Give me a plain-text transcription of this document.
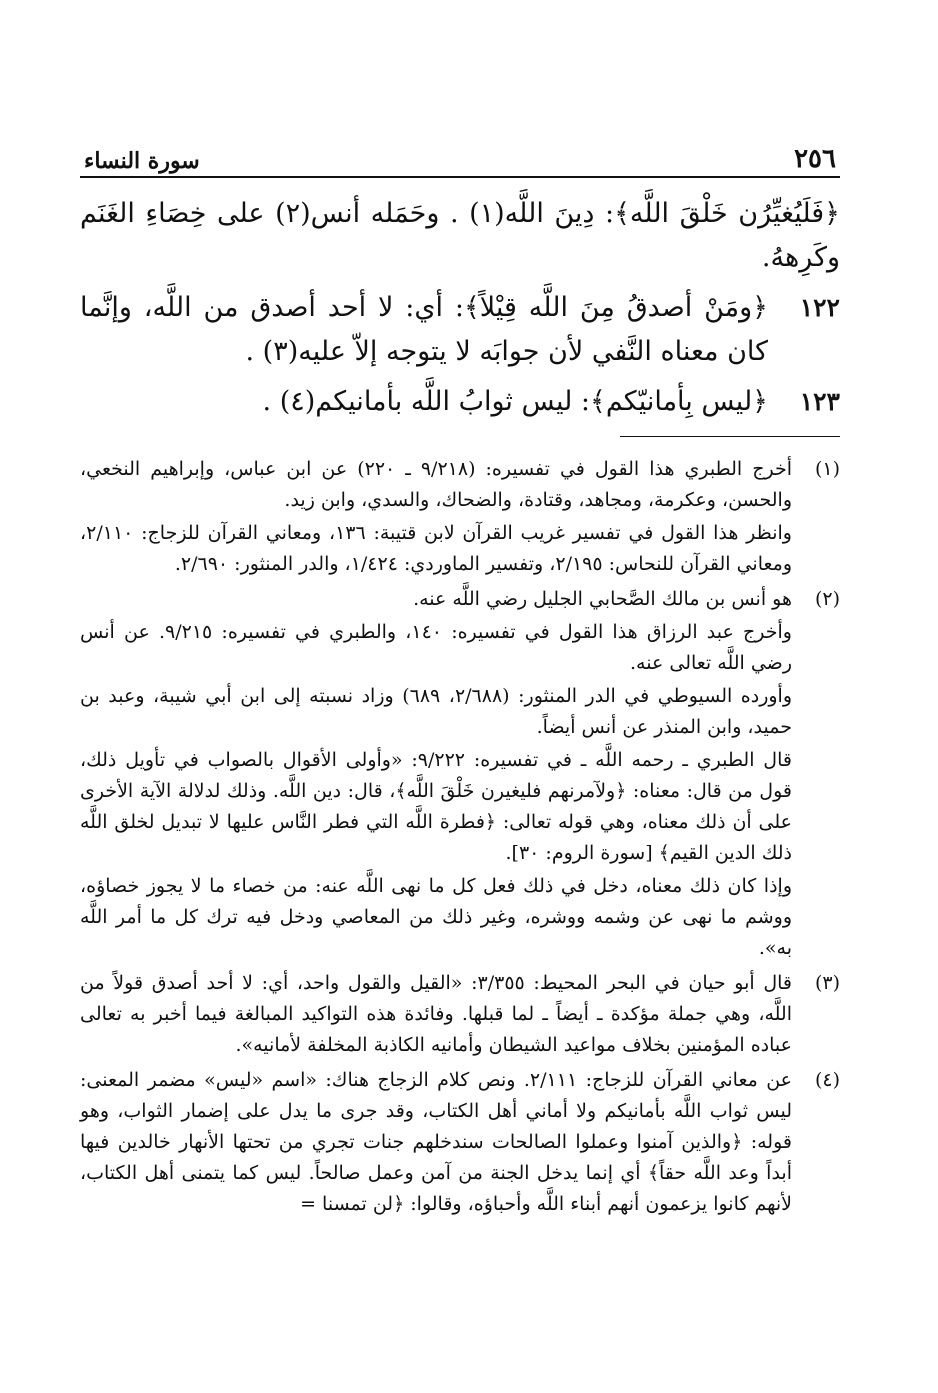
٢٥٦
سورة النساء
﴿فَلَيُغيِّرُن خَلْقَ اللَّه﴾: دِينَ اللَّه(١) . وحَمَله أنس(٢) على خِصَاءِ الغَنَم وكَرِههُ.
١٢٢
﴿ومَنْ أصدقُ مِنَ اللَّه قِيْلاً﴾: أي: لا أحد أصدق من اللَّه، وإنَّما كان معناه النَّفي لأن جوابَه لا يتوجه إلاّ عليه(٣) .
١٢٣
﴿ليس بِأمانيّكم﴾: ليس ثوابُ اللَّه بأمانيكم(٤) .
(١)

أخرج الطبري هذا القول في تفسيره: (٩/٢١٨ ـ ٢٢٠) عن ابن عباس، وإبراهيم النخعي، والحسن، وعكرمة، ومجاهد، وقتادة، والضحاك، والسدي، وابن زيد.

وانظر هذا القول في تفسير غريب القرآن لابن قتيبة: ١٣٦، ومعاني القرآن للزجاج: ٢/١١٠، ومعاني القرآن للنحاس: ٢/١٩٥، وتفسير الماوردي: ١/٤٢٤، والدر المنثور: ٢/٦٩٠.

(٢)

هو أنس بن مالك الصَّحابي الجليل رضي اللَّه عنه.

وأخرج عبد الرزاق هذا القول في تفسيره: ١٤٠، والطبري في تفسيره: ٩/٢١٥. عن أنس رضي اللَّه تعالى عنه.

وأورده السيوطي في الدر المنثور: (٢/٦٨٨، ٦٨٩) وزاد نسبته إلى ابن أبي شيبة، وعبد بن حميد، وابن المنذر عن أنس أيضاً.

قال الطبري ـ رحمه اللَّه ـ في تفسيره: ٩/٢٢٢: «وأولى الأقوال بالصواب في تأويل ذلك، قول من قال: معناه: ﴿ولآمرنهم فليغيرن خَلْقَ اللَّه﴾، قال: دين اللَّه. وذلك لدلالة الآية الأخرى على أن ذلك معناه، وهي قوله تعالى: ﴿فطرة اللَّه التي فطر النَّاس عليها لا تبديل لخلق اللَّه ذلك الدين القيم﴾ [سورة الروم: ٣٠].

وإذا كان ذلك معناه، دخل في ذلك فعل كل ما نهى اللَّه عنه: من خصاء ما لا يجوز خصاؤه، ووشم ما نهى عن وشمه ووشره، وغير ذلك من المعاصي ودخل فيه ترك كل ما أمر اللَّه به».

(٣)

قال أبو حيان في البحر المحيط: ٣/٣٥٥: «القيل والقول واحد، أي: لا أحد أصدق قولاً من اللَّه، وهي جملة مؤكدة ـ أيضاً ـ لما قبلها. وفائدة هذه التواكيد المبالغة فيما أخبر به تعالى عباده المؤمنين بخلاف مواعيد الشيطان وأمانيه الكاذبة المخلفة لأمانيه».

(٤)

عن معاني القرآن للزجاج: ٢/١١١. ونص كلام الزجاج هناك: «اسم «ليس» مضمر المعنى: ليس ثواب اللَّه بأمانيكم ولا أماني أهل الكتاب، وقد جرى ما يدل على إضمار الثواب، وهو قوله: ﴿والذين آمنوا وعملوا الصالحات سندخلهم جنات تجري من تحتها الأنهار خالدين فيها أبداً وعد اللَّه حقاً﴾ أي إنما يدخل الجنة من آمن وعمل صالحاً. ليس كما يتمنى أهل الكتاب، لأنهم كانوا يزعمون أنهم أبناء اللَّه وأحباؤه، وقالوا: ﴿لن تمسنا =
